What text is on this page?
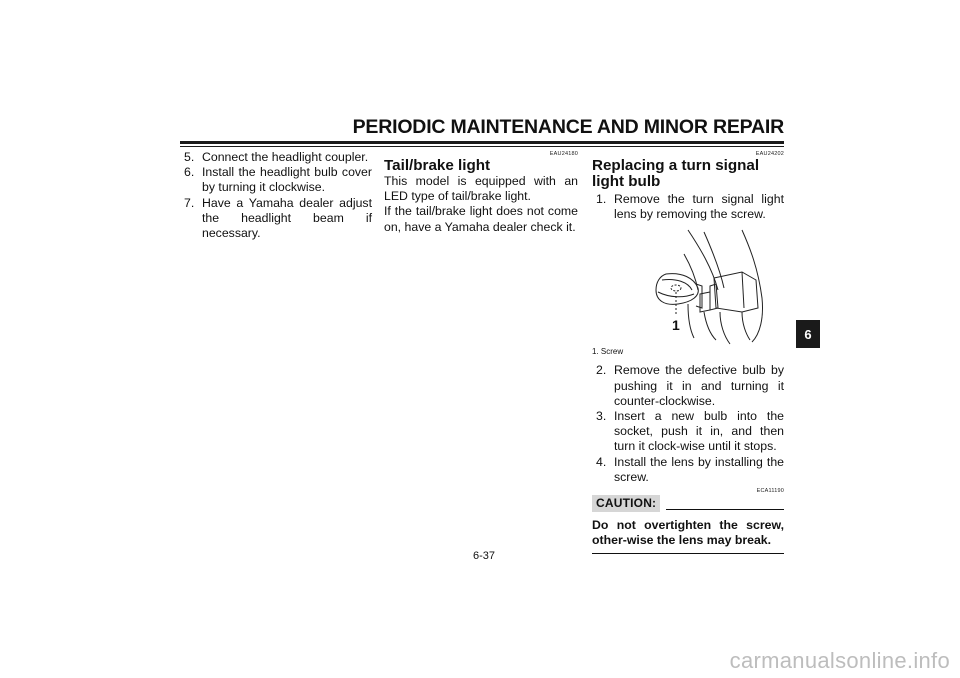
PERIODIC MAINTENANCE AND MINOR REPAIR
5. Connect the headlight coupler.
6. Install the headlight bulb cover by turning it clockwise.
7. Have a Yamaha dealer adjust the headlight beam if necessary.
EAU24180
Tail/brake light

This model is equipped with an LED type of tail/brake light.

If the tail/brake light does not come on, have a Yamaha dealer check it.

EAU24202
Replacing a turn signal light bulb
1. Remove the turn signal light lens by removing the screw.
1
1. Screw
2. Remove the defective bulb by pushing it in and turning it counter-clockwise.
3. Insert a new bulb into the socket, push it in, and then turn it clock-wise until it stops.
4. Install the lens by installing the screw.
ECA11190
CAUTION:
Do not overtighten the screw, other-wise the lens may break.
6
6-37
carmanualsonline.info
